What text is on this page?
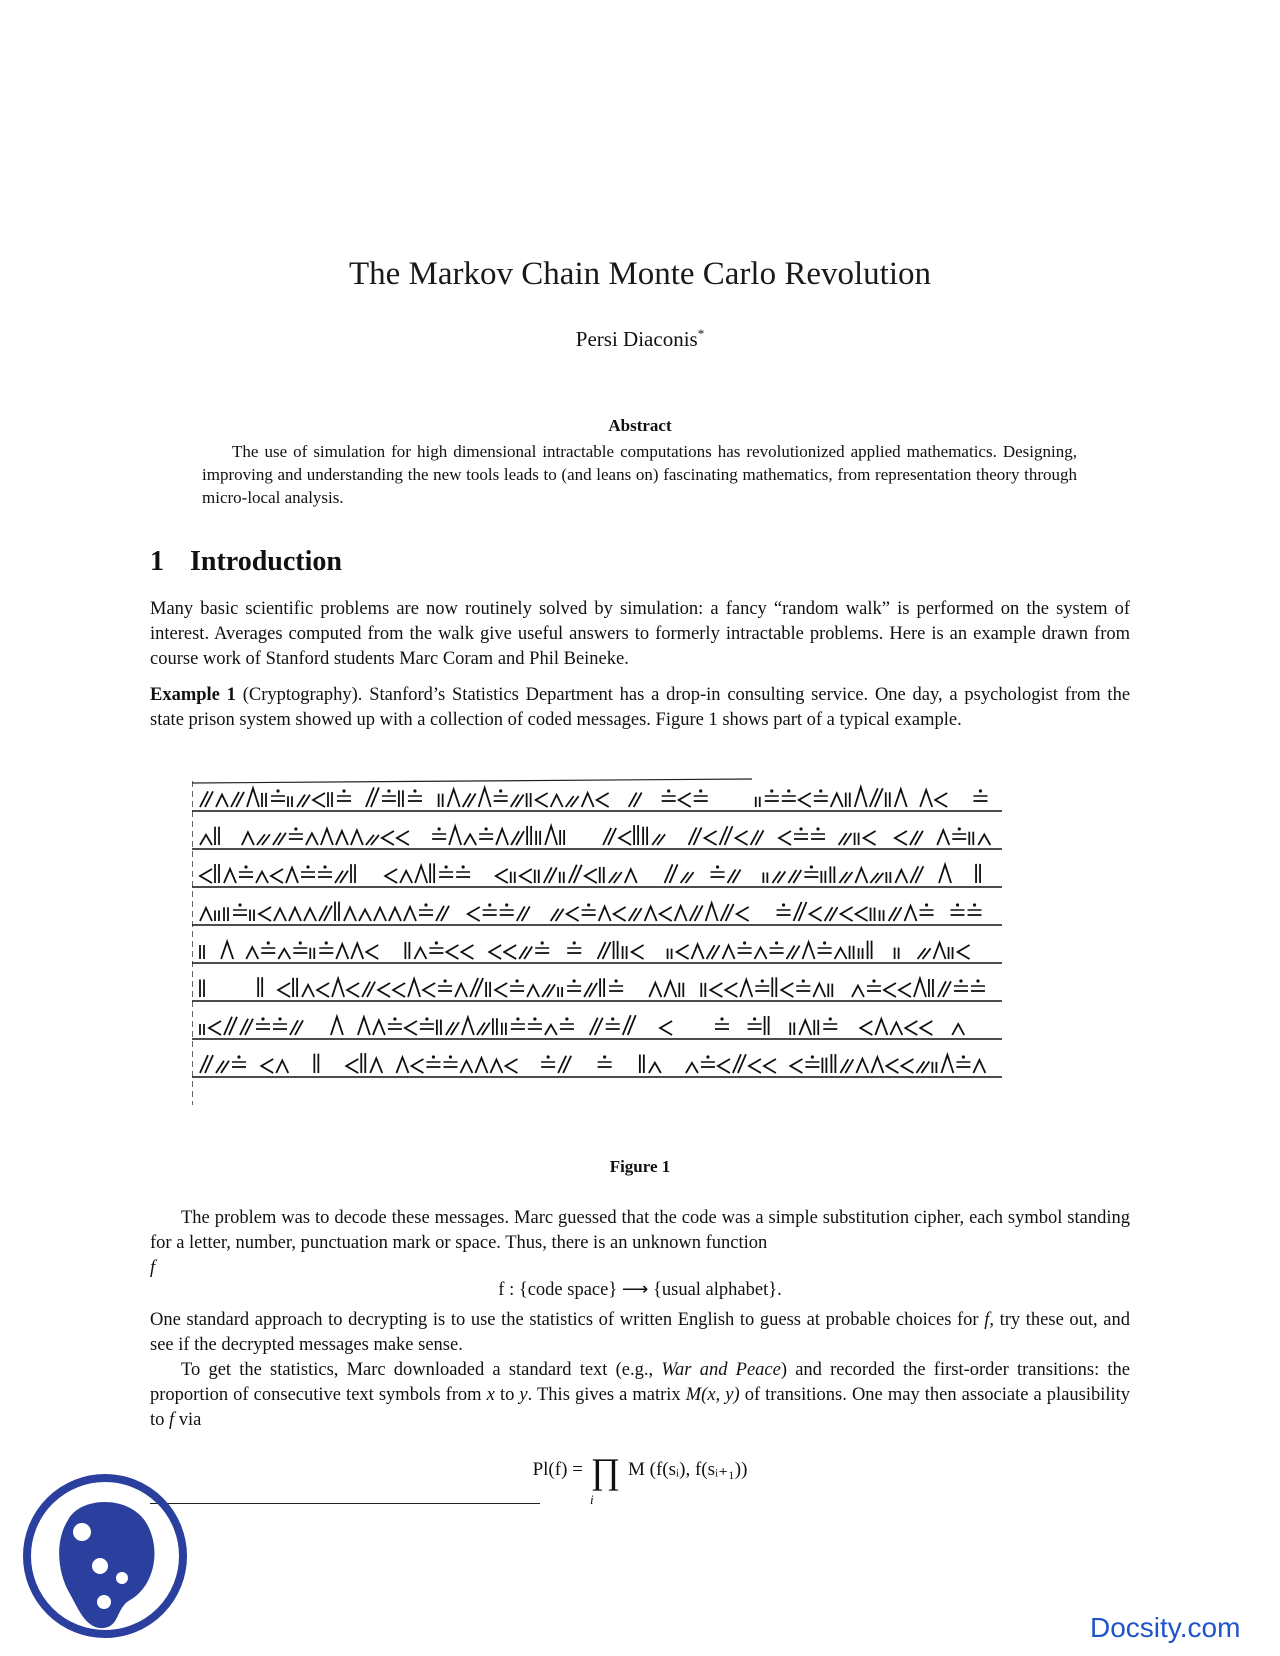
The Markov Chain Monte Carlo Revolution
Persi Diaconis*
Abstract
The use of simulation for high dimensional intractable computations has revolutionized applied mathematics. Designing, improving and understanding the new tools leads to (and leans on) fascinating mathematics, from representation theory through micro-local analysis.
1 Introduction
Many basic scientific problems are now routinely solved by simulation: a fancy “random walk” is performed on the system of interest. Averages computed from the walk give useful answers to formerly intractable problems. Here is an example drawn from course work of Stanford students Marc Coram and Phil Beineke.
Example 1 (Cryptography). Stanford’s Statistics Department has a drop-in consulting service. One day, a psychologist from the state prison system showed up with a collection of coded messages. Figure 1 shows part of a typical example.
Figure 1
The problem was to decode these messages. Marc guessed that the code was a simple substitution cipher, each symbol standing for a letter, number, punctuation mark or space. Thus, there is an unknown function
f
f : {code space} ⟶ {usual alphabet}.
One standard approach to decrypting is to use the statistics of written English to guess at probable choices for f, try these out, and see if the decrypted messages make sense.
To get the statistics, Marc downloaded a standard text (e.g., War and Peace) and recorded the first-order transitions: the proportion of consecutive text symbols from x to y. This gives a matrix M(x, y) of transitions. One may then associate a plausibility to f via
Pl(f) = ∏ M (f(sᵢ), f(sᵢ₊₁))
i
Docsity.com
